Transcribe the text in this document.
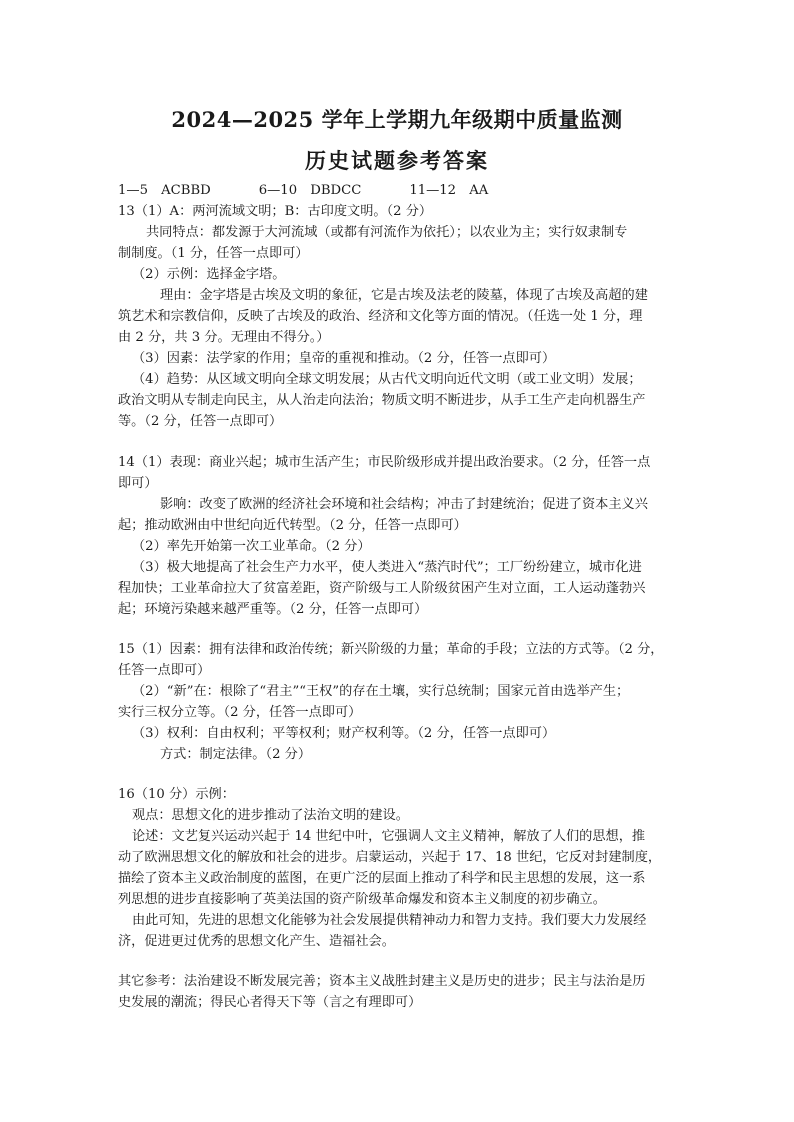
2024—2025 学年上学期九年级期中质量监测
历史试题参考答案
1—5　ACBBD	6—10　DBDCC	11—12　AA
13（1）A：两河流域文明；B：古印度文明。（2 分）
共同特点：都发源于大河流域（或都有河流作为依托）；以农业为主；实行奴隶制专
制制度。（1 分，任答一点即可）
（2）示例：选择金字塔。
理由：金字塔是古埃及文明的象征，它是古埃及法老的陵墓，体现了古埃及高超的建
筑艺术和宗教信仰，反映了古埃及的政治、经济和文化等方面的情况。（任选一处 1 分，理
由 2 分，共 3 分。无理由不得分。）
（3）因素：法学家的作用；皇帝的重视和推动。（2 分，任答一点即可）
（4）趋势：从区域文明向全球文明发展；从古代文明向近代文明（或工业文明）发展；
政治文明从专制走向民主，从人治走向法治；物质文明不断进步，从手工生产走向机器生产
等。（2 分，任答一点即可）
14（1）表现：商业兴起；城市生活产生；市民阶级形成并提出政治要求。（2 分，任答一点
即可）
影响：改变了欧洲的经济社会环境和社会结构；冲击了封建统治；促进了资本主义兴
起；推动欧洲由中世纪向近代转型。（2 分，任答一点即可）
（2）率先开始第一次工业革命。（2 分）
（3）极大地提高了社会生产力水平，使人类进入“蒸汽时代”；工厂纷纷建立，城市化进
程加快；工业革命拉大了贫富差距，资产阶级与工人阶级贫困产生对立面，工人运动蓬勃兴
起；环境污染越来越严重等。（2 分，任答一点即可）
15（1）因素：拥有法律和政治传统；新兴阶级的力量；革命的手段；立法的方式等。（2 分，
任答一点即可）
（2）“新”在：根除了“君主”“王权”的存在土壤，实行总统制；国家元首由选举产生；
实行三权分立等。（2 分，任答一点即可）
（3）权利：自由权利；平等权利；财产权利等。（2 分，任答一点即可）
方式：制定法律。（2 分）
16（10 分）示例：
观点：思想文化的进步推动了法治文明的建设。
论述：文艺复兴运动兴起于 14 世纪中叶，它强调人文主义精神，解放了人们的思想，推
动了欧洲思想文化的解放和社会的进步。启蒙运动，兴起于 17、18 世纪，它反对封建制度，
描绘了资本主义政治制度的蓝图，在更广泛的层面上推动了科学和民主思想的发展，这一系
列思想的进步直接影响了英美法国的资产阶级革命爆发和资本主义制度的初步确立。
由此可知，先进的思想文化能够为社会发展提供精神动力和智力支持。我们要大力发展经
济，促进更过优秀的思想文化产生、造福社会。
其它参考：法治建设不断发展完善；资本主义战胜封建主义是历史的进步；民主与法治是历
史发展的潮流；得民心者得天下等（言之有理即可）
